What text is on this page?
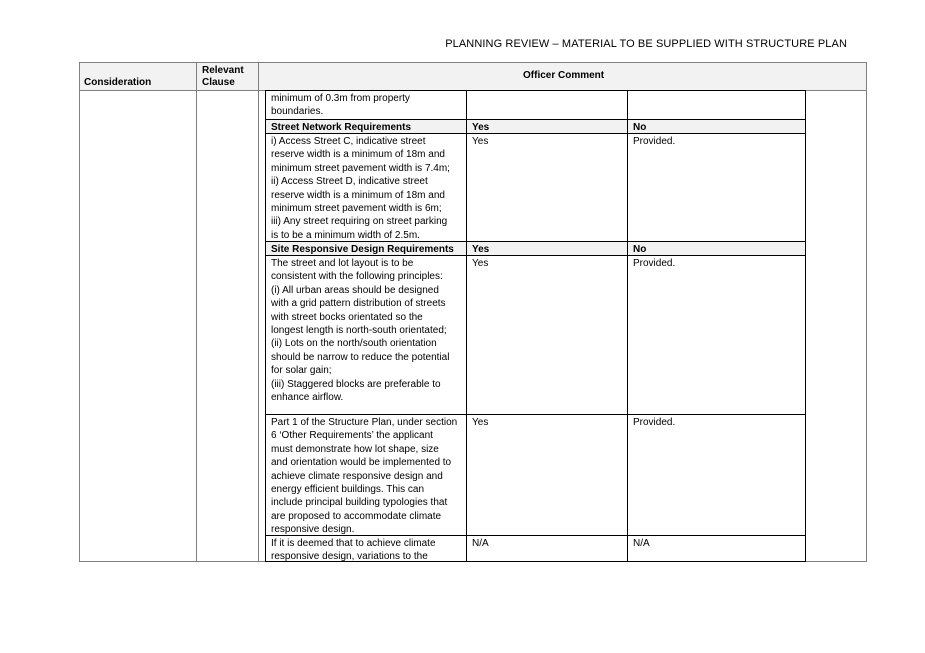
PLANNING REVIEW – MATERIAL TO BE SUPPLIED WITH STRUCTURE PLAN
Consideration
Relevant
Clause
Officer Comment
minimum of 0.3m from property
boundaries.
Street Network Requirements	Yes	No
i) Access Street C, indicative street
reserve width is a minimum of 18m and
minimum street pavement width is 7.4m;
ii) Access Street D, indicative street
reserve width is a minimum of 18m and
minimum street pavement width is 6m;
iii) Any street requiring on street parking
is to be a minimum width of 2.5m.
Yes	Provided.
Site Responsive Design Requirements	Yes	No
The street and lot layout is to be
consistent with the following principles:
(i) All urban areas should be designed
with a grid pattern distribution of streets
with street bocks orientated so the
longest length is north-south orientated;
(ii) Lots on the north/south orientation
should be narrow to reduce the potential
for solar gain;
(iii) Staggered blocks are preferable to
enhance airflow.
Yes	Provided.
Part 1 of the Structure Plan, under section
6 ‘Other Requirements’ the applicant
must demonstrate how lot shape, size
and orientation would be implemented to
achieve climate responsive design and
energy efficient buildings. This can
include principal building typologies that
are proposed to accommodate climate
responsive design.
Yes	Provided.
If it is deemed that to achieve climate
responsive design, variations to the
N/A	N/A
